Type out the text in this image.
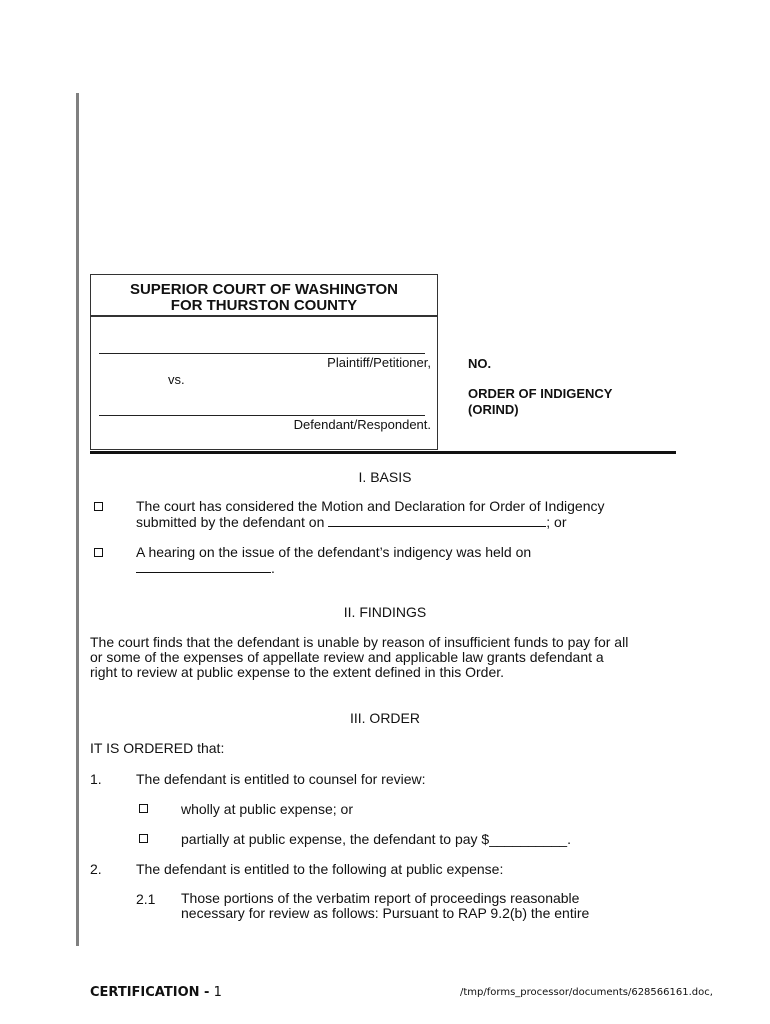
SUPERIOR COURT OF WASHINGTON
FOR THURSTON COUNTY
Plaintiff/Petitioner,
vs.
Defendant/Respondent.
NO.
ORDER OF INDIGENCY
(ORIND)
I. BASIS
The court has considered the Motion and Declaration for Order of Indigency
submitted by the defendant on	; or
A hearing on the issue of the defendant’s indigency was held on
.
II. FINDINGS
The court finds that the defendant is unable by reason of insufficient funds to pay for all
or some of the expenses of appellate review and applicable law grants defendant a
right to review at public expense to the extent defined in this Order.
III. ORDER
IT IS ORDERED that:
1. The defendant is entitled to counsel for review:
wholly at public expense; or
partially at public expense, the defendant to pay $__________.
2. The defendant is entitled to the following at public expense:
2.1 Those portions of the verbatim report of proceedings reasonable
necessary for review as follows: Pursuant to RAP 9.2(b) the entire
CERTIFICATION - 1	/tmp/forms_processor/documents/628566161.doc,
